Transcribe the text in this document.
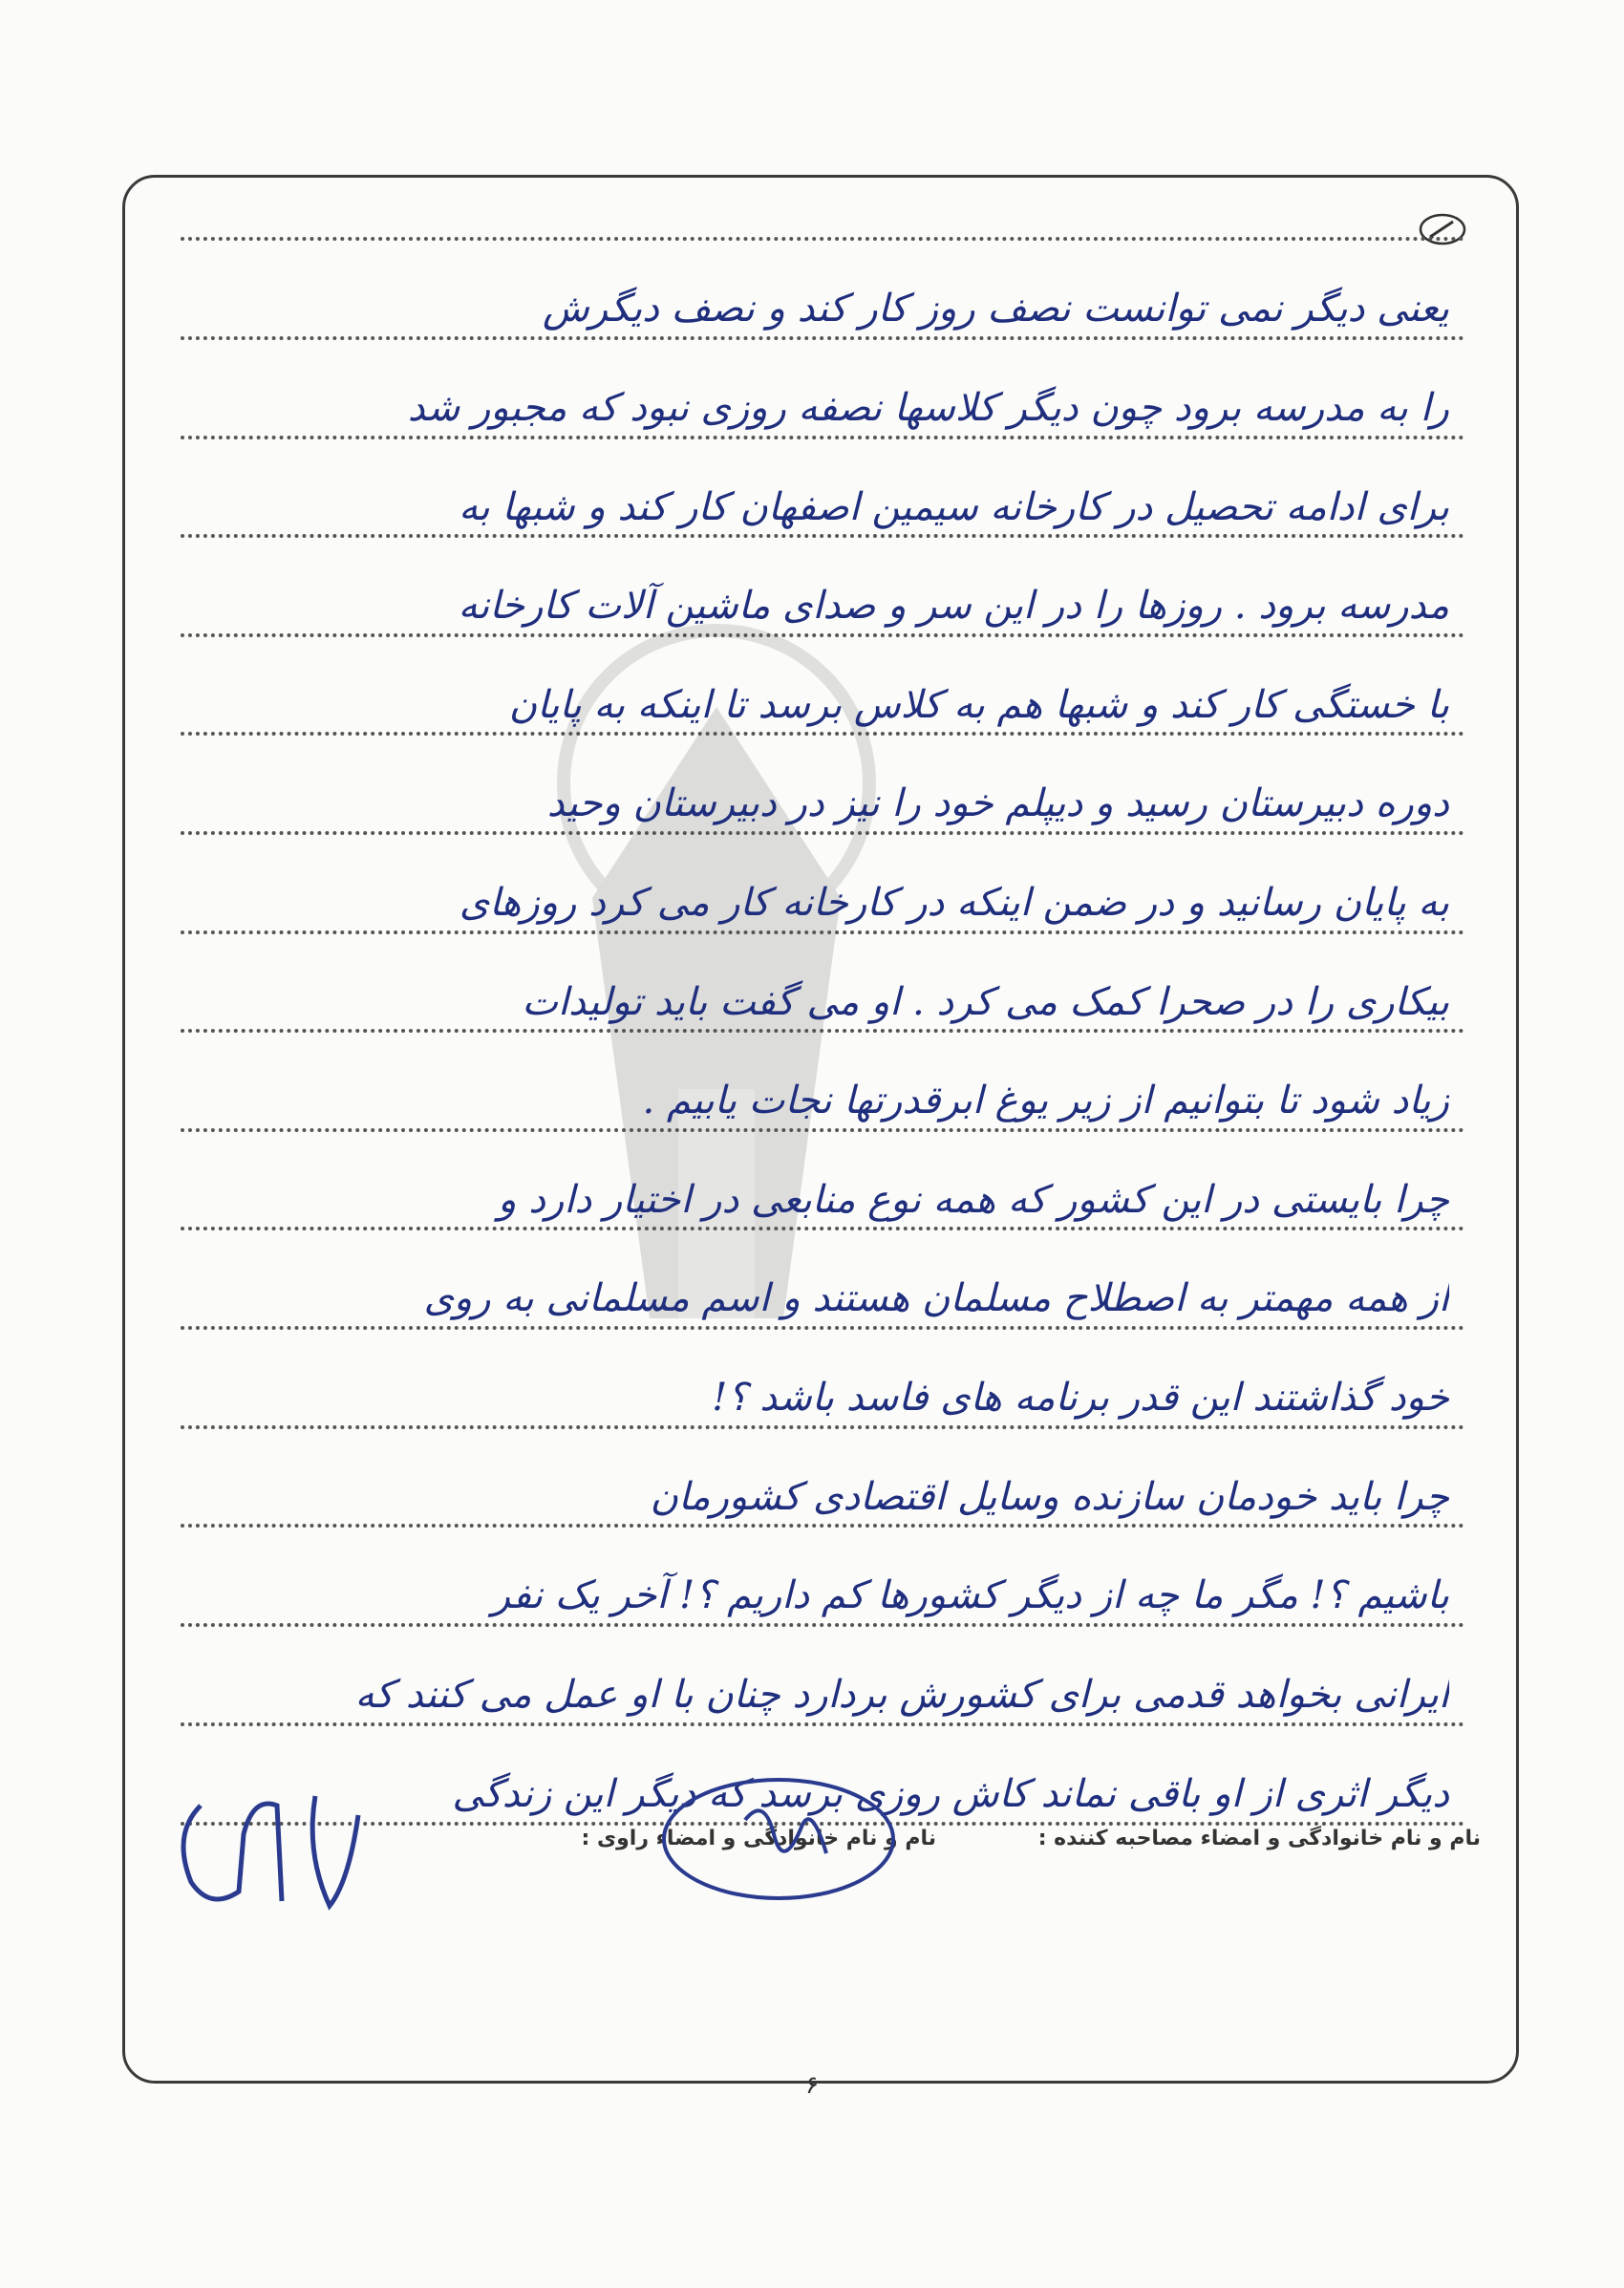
یعنی دیگر نمی توانست نصف روز کار کند و نصف دیگرش
را به مدرسه برود چون دیگر کلاسها نصفه روزی نبود که مجبور شد
برای ادامه تحصیل در کارخانه سیمین اصفهان کار کند و شبها به
مدرسه برود . روزها را در این سر و صدای ماشین آلات کارخانه
با خستگی کار کند و شبها هم به کلاس برسد تا اینکه به پایان
دوره دبیرستان رسید و دیپلم خود را نیز در دبیرستان وحید
به پایان رسانید و در ضمن اینکه در کارخانه کار می کرد روزهای
بیکاری را در صحرا کمک می کرد . او می گفت باید تولیدات
زیاد شود تا بتوانیم از زیر یوغ ابرقدرتها نجات یابیم .
چرا بایستی در این کشور که همه نوع منابعی در اختیار دارد و
از همه مهمتر به اصطلاح مسلمان هستند و اسم مسلمانی به روی
خود گذاشتند این قدر برنامه های فاسد باشد ؟!
چرا باید خودمان سازنده وسایل اقتصادی کشورمان
باشیم ؟! مگر ما چه از دیگر کشورها کم داریم ؟! آخر یک نفر
ایرانی بخواهد قدمی برای کشورش بردارد چنان با او عمل می کنند که
دیگر اثری از او باقی نماند کاش روزی برسد که دیگر این زندگی
نام و نام خانوادگی و امضاء مصاحبه کننده :
نام و نام خانوادگی و امضاء راوی :
۶
